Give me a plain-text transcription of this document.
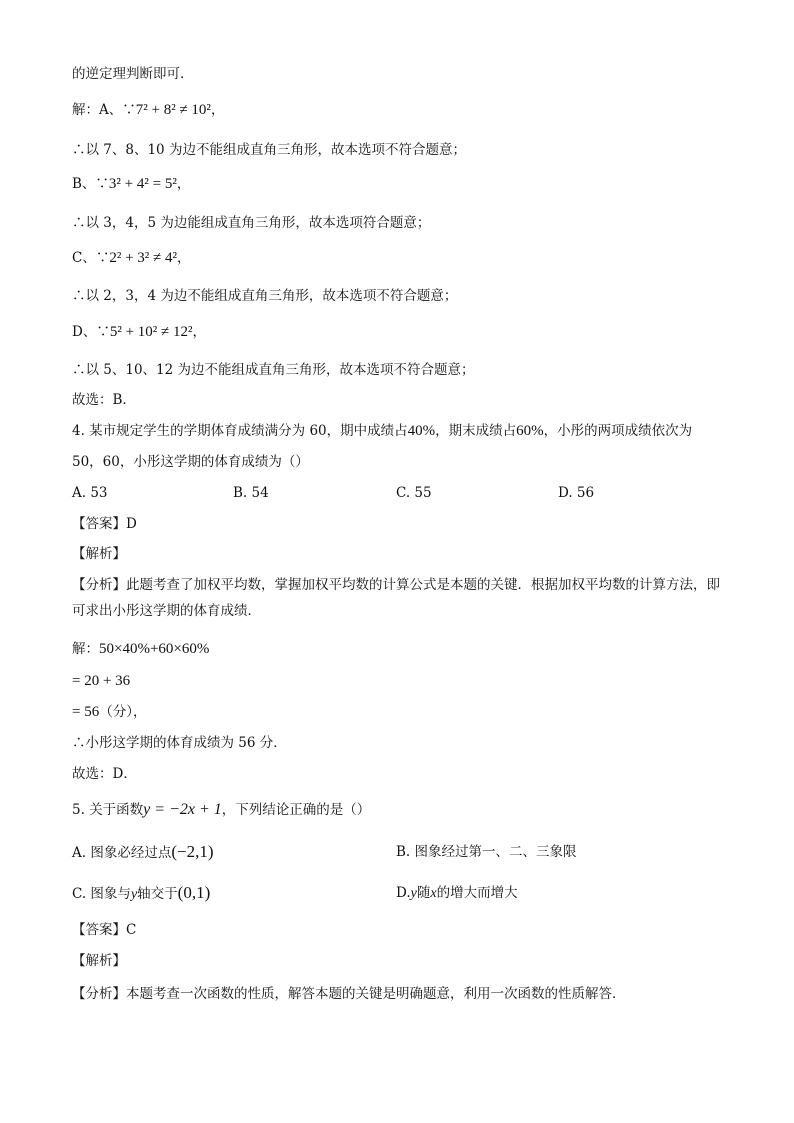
的逆定理判断即可．
解：A、∵7² + 8² ≠ 10²，
∴以 7、8、10 为边不能组成直角三角形，故本选项不符合题意；
B、∵3² + 4² = 5²，
∴以 3，4，5 为边能组成直角三角形，故本选项符合题意；
C、∵2² + 3² ≠ 4²，
∴以 2，3，4 为边不能组成直角三角形，故本选项不符合题意；
D、∵5² + 10² ≠ 12²，
∴以 5、10、12 为边不能组成直角三角形，故本选项不符合题意；
故选：B．
4. 某市规定学生的学期体育成绩满分为 60，期中成绩占40%，期末成绩占60%，小彤的两项成绩依次为
50，60，小彤这学期的体育成绩为（）
A. 53	B. 54	C. 55	D. 56
【答案】D
【解析】
【分析】此题考查了加权平均数，掌握加权平均数的计算公式是本题的关键．根据加权平均数的计算方法，即可求出小彤这学期的体育成绩．
解：50×40%+60×60%
= 20 + 36
= 56（分），
∴小彤这学期的体育成绩为 56 分．
故选：D．
5. 关于函数y = −2x + 1，下列结论正确的是（）
A. 图象必经过点(−2,1)	B. 图象经过第一、二、三象限
C. 图象与y轴交于(0,1)	D.y随x的增大而增大
【答案】C
【解析】
【分析】本题考查一次函数的性质，解答本题的关键是明确题意，利用一次函数的性质解答．
